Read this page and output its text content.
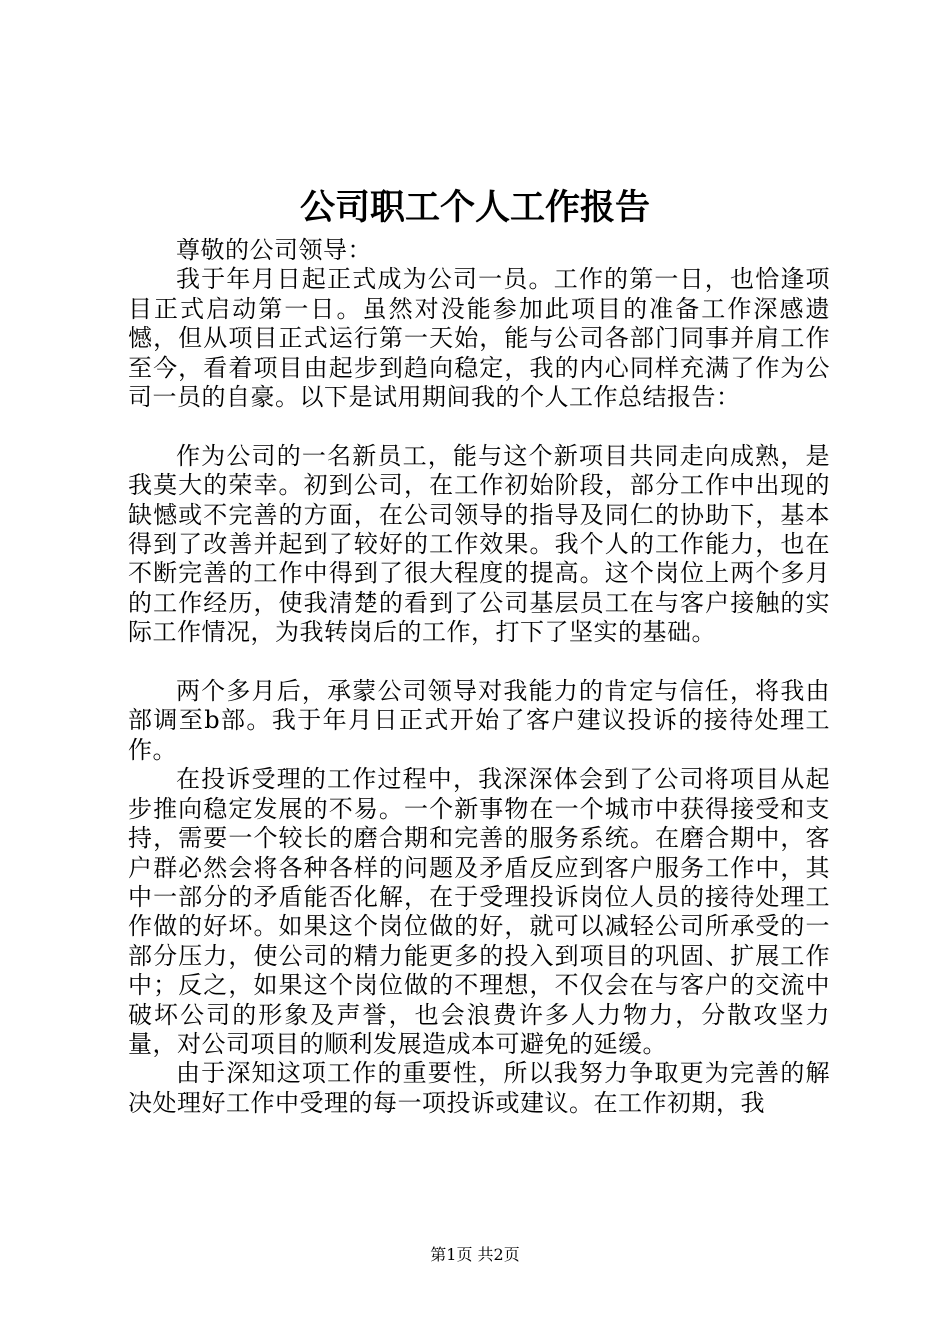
公司职工个人工作报告

尊敬的公司领导：

我于年月日起正式成为公司一员。工作的第一日，也恰逢项目正式启动第一日。虽然对没能参加此项目的准备工作深感遗憾，但从项目正式运行第一天始，能与公司各部门同事并肩工作至今，看着项目由起步到趋向稳定，我的内心同样充满了作为公司一员的自豪。以下是试用期间我的个人工作总结报告：

作为公司的一名新员工，能与这个新项目共同走向成熟，是我莫大的荣幸。初到公司，在工作初始阶段，部分工作中出现的缺憾或不完善的方面，在公司领导的指导及同仁的协助下，基本得到了改善并起到了较好的工作效果。我个人的工作能力，也在不断完善的工作中得到了很大程度的提高。这个岗位上两个多月的工作经历，使我清楚的看到了公司基层员工在与客户接触的实际工作情况，为我转岗后的工作，打下了坚实的基础。

两个多月后，承蒙公司领导对我能力的肯定与信任，将我由部调至b部。我于年月日正式开始了客户建议投诉的接待处理工作。

在投诉受理的工作过程中，我深深体会到了公司将项目从起步推向稳定发展的不易。一个新事物在一个城市中获得接受和支持，需要一个较长的磨合期和完善的服务系统。在磨合期中，客户群必然会将各种各样的问题及矛盾反应到客户服务工作中，其中一部分的矛盾能否化解，在于受理投诉岗位人员的接待处理工作做的好坏。如果这个岗位做的好，就可以减轻公司所承受的一部分压力，使公司的精力能更多的投入到项目的巩固、扩展工作中；反之，如果这个岗位做的不理想，不仅会在与客户的交流中破坏公司的形象及声誉，也会浪费许多人力物力，分散攻坚力量，对公司项目的顺利发展造成本可避免的延缓。

由于深知这项工作的重要性，所以我努力争取更为完善的解决处理好工作中受理的每一项投诉或建议。在工作初期，我

第1页 共2页
